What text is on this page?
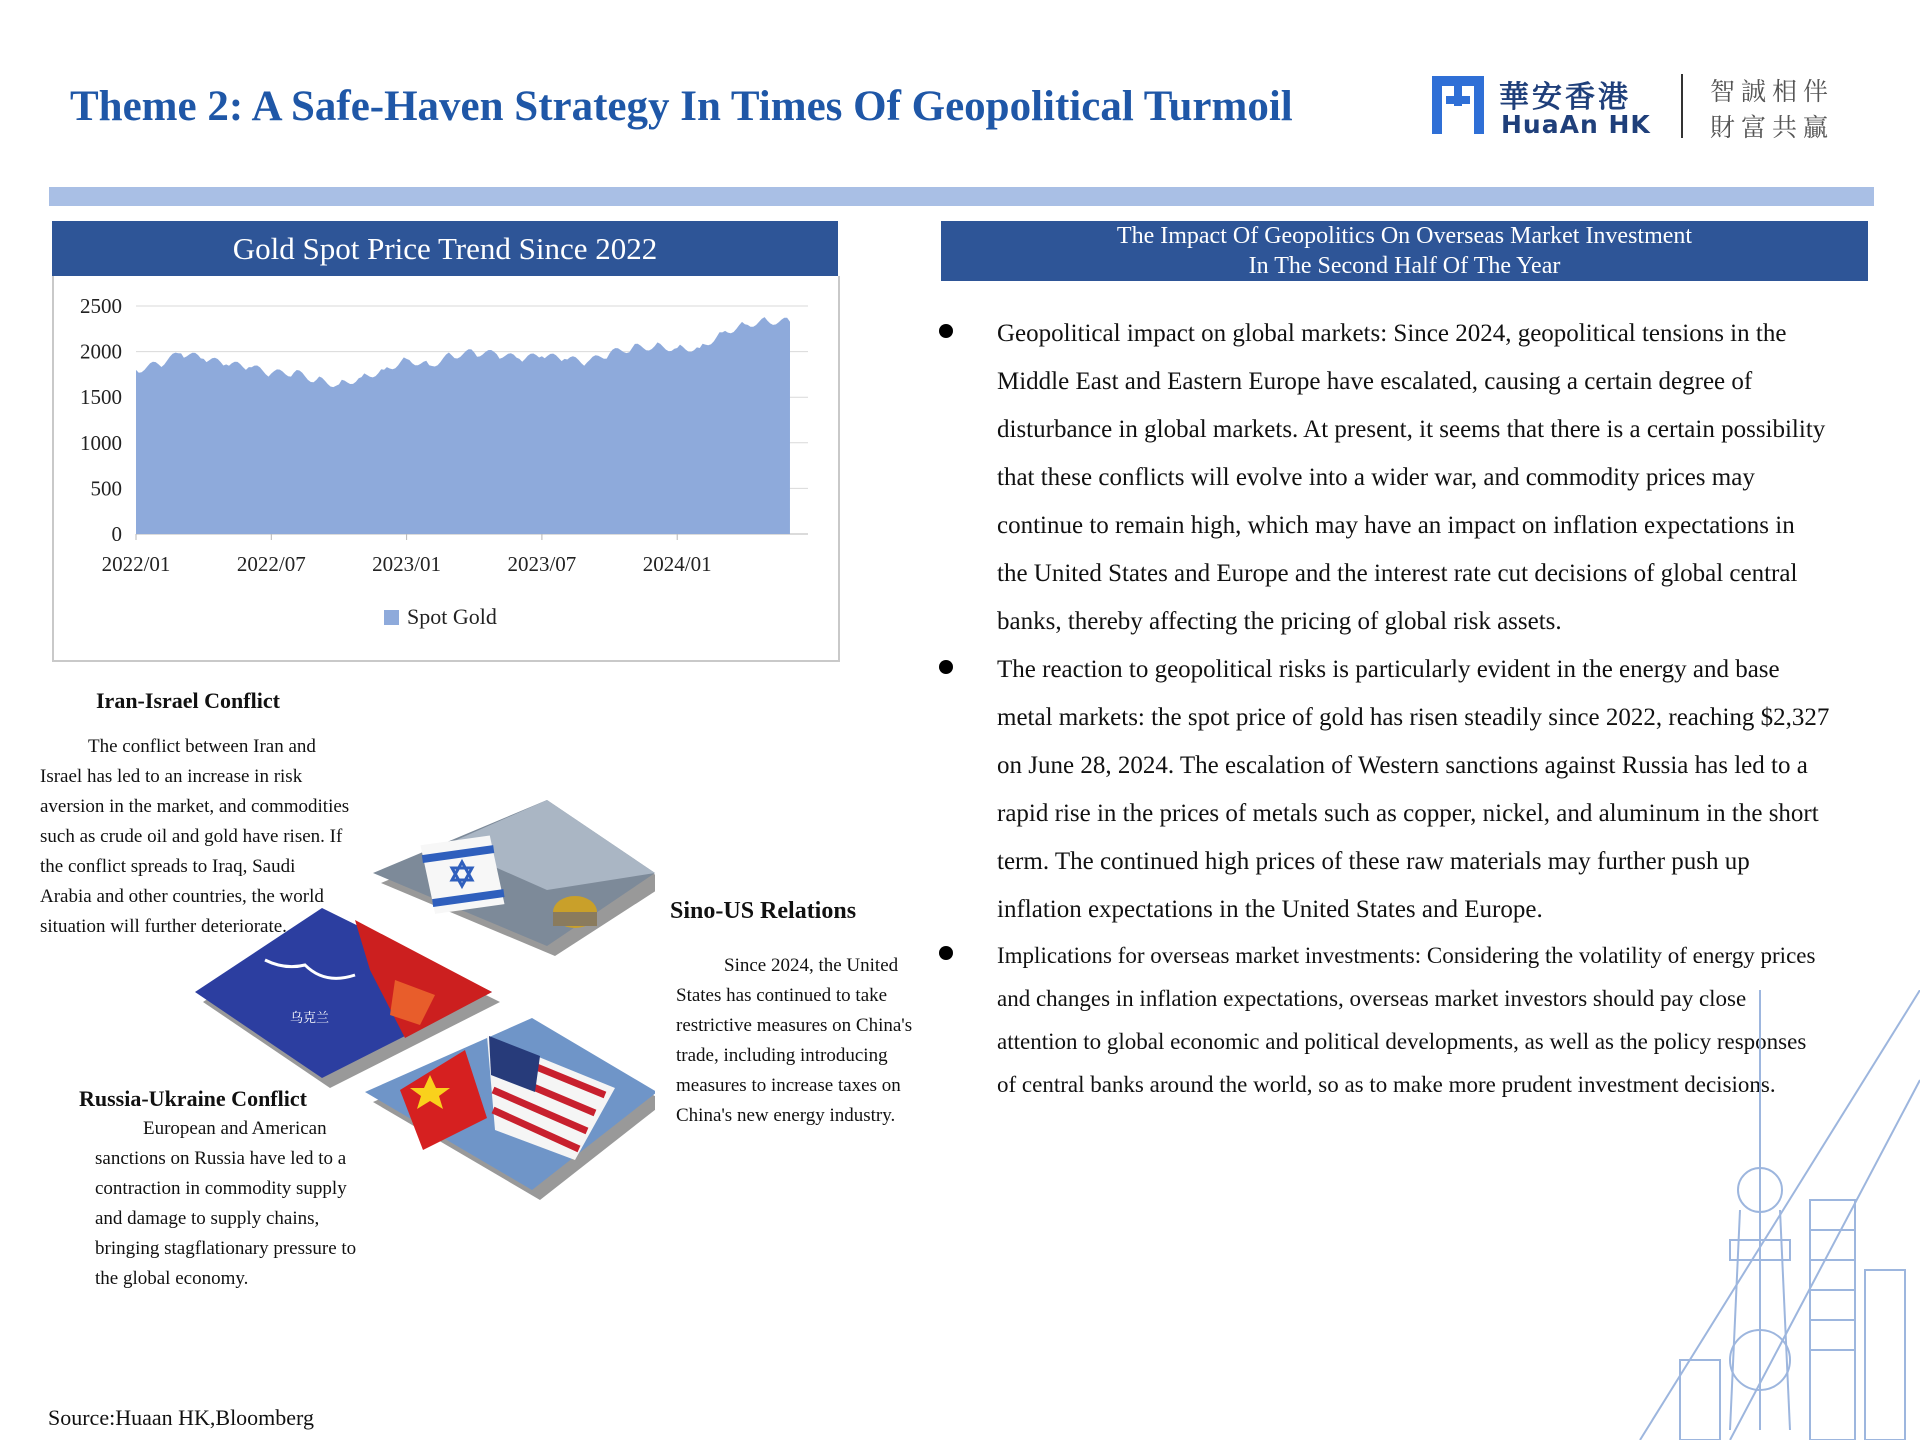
Theme 2: A Safe-Haven Strategy In Times Of Geopolitical Turmoil	華安香港
HuaAn HK
智誠相伴
財富共贏
Gold Spot Price Trend Since 2022
0
500
1000
1500
2000
2500
2022/01	2022/07	2023/01	2023/07	2024/01
Spot Gold
The Impact Of Geopolitics On Overseas Market Investment
In The Second Half Of The Year
Geopolitical impact on global markets: Since 2024, geopolitical tensions in the Middle East and Eastern Europe have escalated, causing a certain degree of disturbance in global markets. At present, it seems that there is a certain possibility that these conflicts will evolve into a wider war, and commodity prices may continue to remain high, which may have an impact on inflation expectations in the United States and Europe and the interest rate cut decisions of global central banks, thereby affecting the pricing of global risk assets.
The reaction to geopolitical risks is particularly evident in the energy and base metal markets: the spot price of gold has risen steadily since 2022, reaching $2,327 on June 28, 2024. The escalation of Western sanctions against Russia has led to a rapid rise in the prices of metals such as copper, nickel, and aluminum in the short term. The continued high prices of these raw materials may further push up inflation expectations in the United States and Europe.
Implications for overseas market investments: Considering the volatility of energy prices and changes in inflation expectations, overseas market investors should pay close attention to global economic and political developments, as well as the policy responses of central banks around the world, so as to make more prudent investment decisions.
Iran-Israel Conflict
The conflict between Iran and Israel has led to an increase in risk aversion in the market, and commodities such as crude oil and gold have risen. If the conflict spreads to Iraq, Saudi Arabia and other countries, the world situation will further deteriorate.
Sino-US Relations
Since 2024, the United States has continued to take restrictive measures on China's trade, including introducing measures to increase taxes on China's new energy industry.
Russia-Ukraine Conflict
European and American sanctions on Russia have led to a contraction in commodity supply and damage to supply chains, bringing stagflationary pressure to the global economy.
乌克兰
Source:Huaan HK,Bloomberg
